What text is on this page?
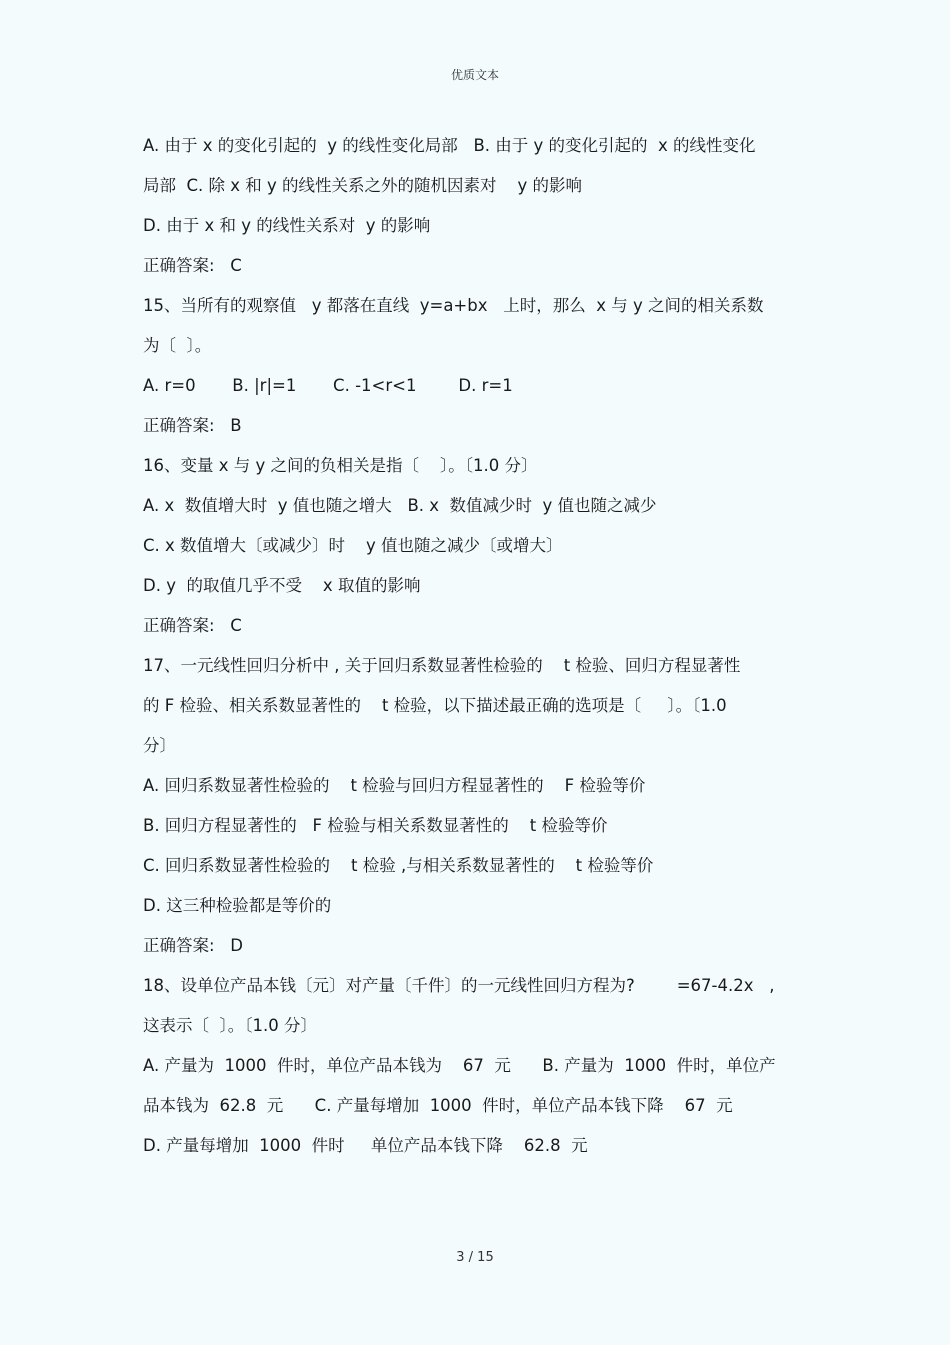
优质文本

A. 由于 x 的变化引起的  y 的线性变化局部   B. 由于 y 的变化引起的  x 的线性变化

局部  C. 除 x 和 y 的线性关系之外的随机因素对    y 的影响

D. 由于 x 和 y 的线性关系对  y 的影响

正确答案:   C

15、当所有的观察值   y 都落在直线  y=a+bx   上时，那么  x 与 y 之间的相关系数

为〔  〕。

A. r=0       B. |r|=1       C. -1<r<1        D. r=1

正确答案:   B

16、变量 x 与 y 之间的负相关是指〔    〕。〔1.0 分〕

A. x  数值增大时  y 值也随之增大   B. x  数值减少时  y 值也随之减少

C. x 数值增大〔或减少〕时    y 值也随之减少〔或增大〕

D. y  的取值几乎不受    x 取值的影响

正确答案:   C

17、一元线性回归分析中 , 关于回归系数显著性检验的    t 检验、回归方程显著性

的 F 检验、相关系数显著性的    t 检验，以下描述最正确的选项是〔     〕。〔1.0

分〕

A. 回归系数显著性检验的    t 检验与回归方程显著性的    F 检验等价

B. 回归方程显著性的   F 检验与相关系数显著性的    t 检验等价

C. 回归系数显著性检验的    t 检验 ,与相关系数显著性的    t 检验等价

D. 这三种检验都是等价的

正确答案:   D

18、设单位产品本钱〔元〕对产量〔千件〕的一元线性回归方程为?        =67-4.2x   ,

这表示〔  〕。〔1.0 分〕

A. 产量为  1000  件时，单位产品本钱为    67  元      B. 产量为  1000  件时，单位产

品本钱为  62.8  元      C. 产量每增加  1000  件时，单位产品本钱下降    67  元

D. 产量每增加  1000  件时     单位产品本钱下降    62.8  元

3 / 15
